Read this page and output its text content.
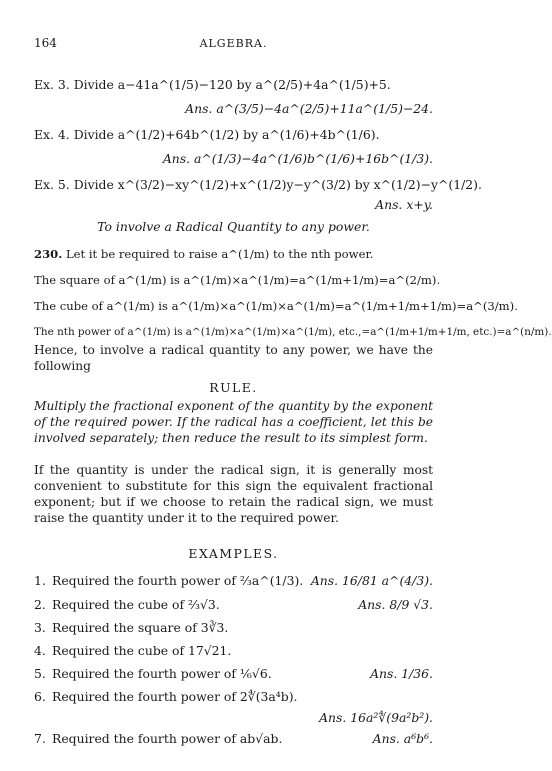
164	ALGEBRA.
Ex. 3. Divide a−41a^(1/5)−120 by a^(2/5)+4a^(1/5)+5.
Ans. a^(3/5)−4a^(2/5)+11a^(1/5)−24.
Ex. 4. Divide a^(1/2)+64b^(1/2) by a^(1/6)+4b^(1/6).
Ans. a^(1/3)−4a^(1/6)b^(1/6)+16b^(1/3).
Ex. 5. Divide x^(3/2)−xy^(1/2)+x^(1/2)y−y^(3/2) by x^(1/2)−y^(1/2).
Ans. x+y.
To involve a Radical Quantity to any power.
230. Let it be required to raise a^(1/m) to the nth power.
The square of a^(1/m) is a^(1/m)×a^(1/m)=a^(1/m+1/m)=a^(2/m).
The cube of a^(1/m) is a^(1/m)×a^(1/m)×a^(1/m)=a^(1/m+1/m+1/m)=a^(3/m).
The nth power of a^(1/m) is a^(1/m)×a^(1/m)×a^(1/m), etc.,=a^(1/m+1/m+1/m, etc.)=a^(n/m).
Hence, to involve a radical quantity to any power, we have the following
RULE.
Multiply the fractional exponent of the quantity by the exponent of the required power. If the radical has a coefficient, let this be involved separately; then reduce the result to its simplest form.
If the quantity is under the radical sign, it is generally most convenient to substitute for this sign the equivalent fractional exponent; but if we choose to retain the radical sign, we must raise the quantity under it to the required power.
EXAMPLES.
1. Required the fourth power of ⅔a^(1/3). Ans. 16/81 a^(4/3).
2. Required the cube of ⅔√3.	Ans. 8/9 √3.
3. Required the square of 3∛3.
4. Required the cube of 17√21.
5. Required the fourth power of ⅙√6.	Ans. 1/36.
6. Required the fourth power of 2∜(3a⁴b).
Ans. 16a²∜(9a²b²).
7. Required the fourth power of ab√ab.	Ans. a⁶b⁶.
